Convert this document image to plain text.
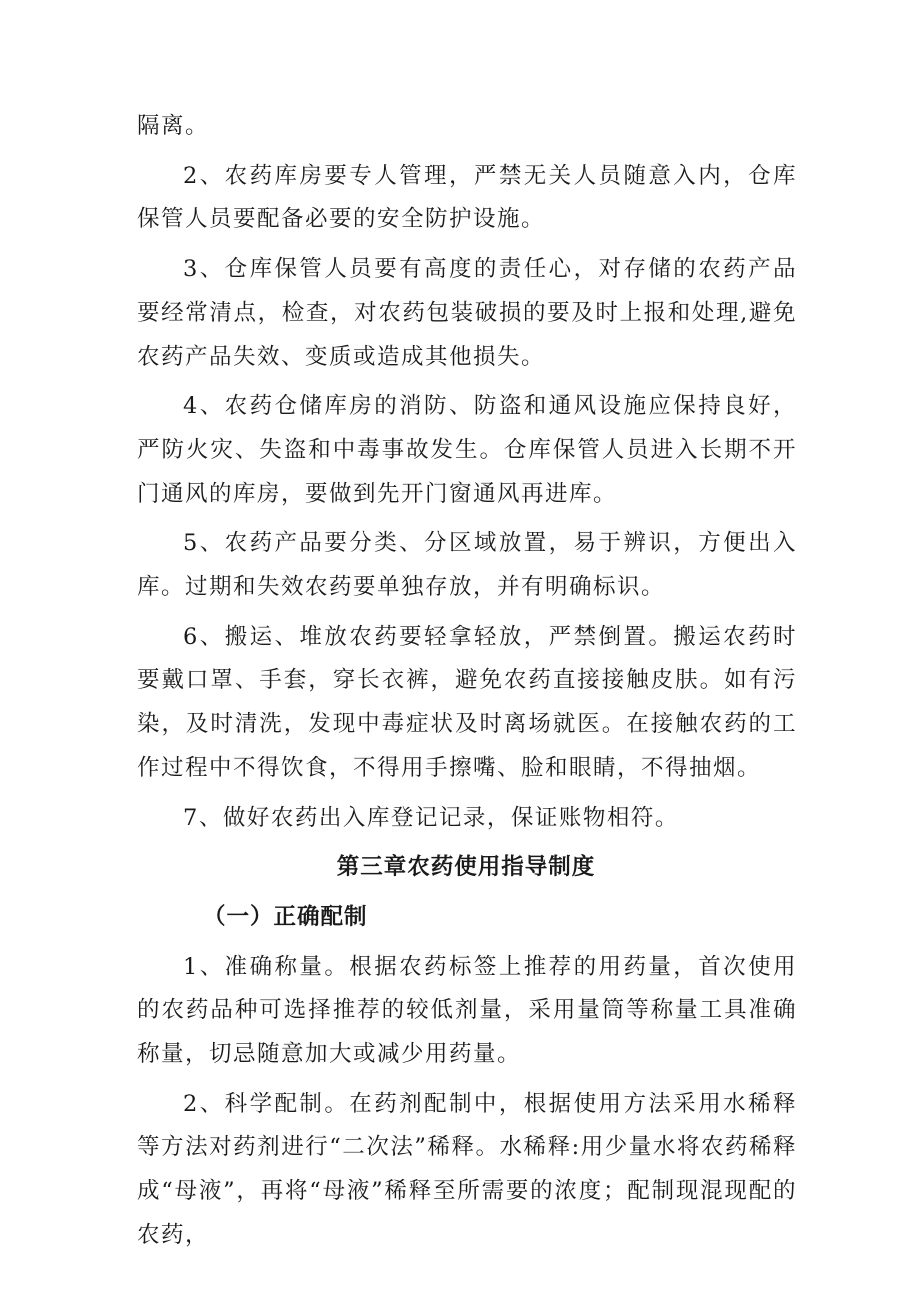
隔离。

2、农药库房要专人管理，严禁无关人员随意入内，仓库保管人员要配备必要的安全防护设施。

3、仓库保管人员要有高度的责任心，对存储的农药产品要经常清点，检查，对农药包装破损的要及时上报和处理,避免农药产品失效、变质或造成其他损失。

4、农药仓储库房的消防、防盗和通风设施应保持良好，严防火灾、失盗和中毒事故发生。仓库保管人员进入长期不开门通风的库房，要做到先开门窗通风再进库。

5、农药产品要分类、分区域放置，易于辨识，方便出入库。过期和失效农药要单独存放，并有明确标识。

6、搬运、堆放农药要轻拿轻放，严禁倒置。搬运农药时要戴口罩、手套，穿长衣裤，避免农药直接接触皮肤。如有污染，及时清洗，发现中毒症状及时离场就医。在接触农药的工作过程中不得饮食，不得用手擦嘴、脸和眼睛，不得抽烟。

7、做好农药出入库登记记录，保证账物相符。

第三章农药使用指导制度
（一）正确配制

1、准确称量。根据农药标签上推荐的用药量，首次使用的农药品种可选择推荐的较低剂量，采用量筒等称量工具准确称量，切忌随意加大或减少用药量。

2、科学配制。在药剂配制中，根据使用方法采用水稀释等方法对药剂进行“二次法”稀释。水稀释:用少量水将农药稀释成“母液”，再将“母液”稀释至所需要的浓度；配制现混现配的农药，
